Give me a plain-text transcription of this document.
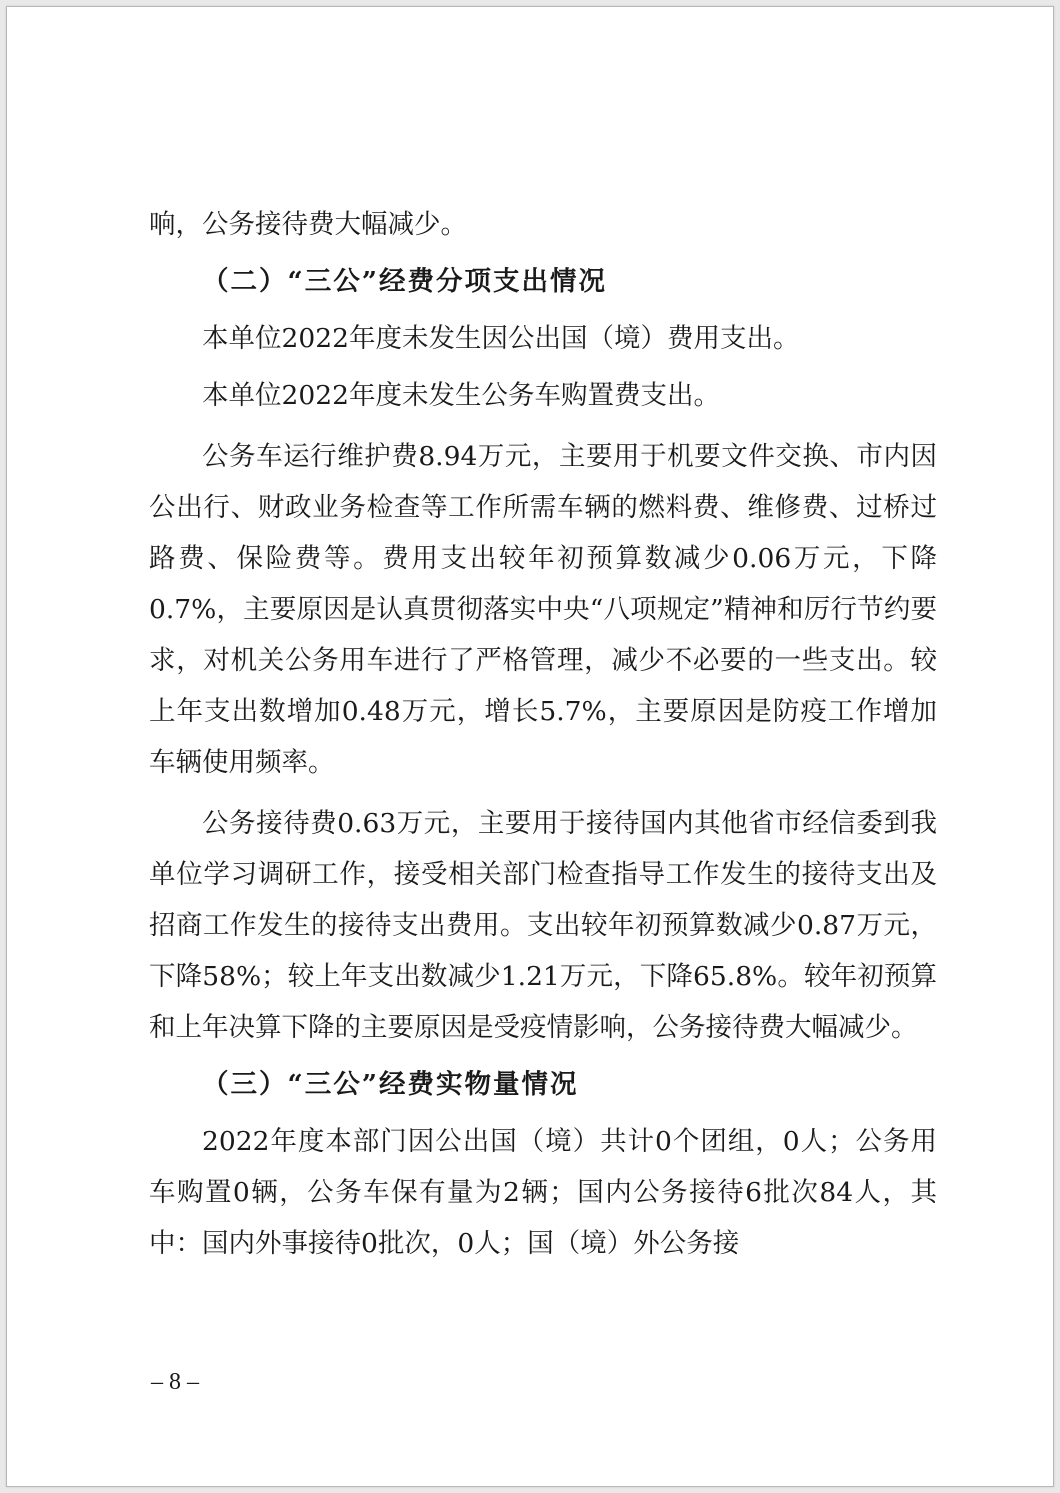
响，公务接待费大幅减少。

（二）“三公”经费分项支出情况

本单位2022年度未发生因公出国（境）费用支出。

本单位2022年度未发生公务车购置费支出。

公务车运行维护费8.94万元，主要用于机要文件交换、市内因公出行、财政业务检查等工作所需车辆的燃料费、维修费、过桥过路费、保险费等。费用支出较年初预算数减少0.06万元，下降0.7%，主要原因是认真贯彻落实中央“八项规定”精神和厉行节约要求，对机关公务用车进行了严格管理，减少不必要的一些支出。较上年支出数增加0.48万元，增长5.7%，主要原因是防疫工作增加车辆使用频率。

公务接待费0.63万元，主要用于接待国内其他省市经信委到我单位学习调研工作，接受相关部门检查指导工作发生的接待支出及招商工作发生的接待支出费用。支出较年初预算数减少0.87万元，下降58%；较上年支出数减少1.21万元，下降65.8%。较年初预算和上年决算下降的主要原因是受疫情影响，公务接待费大幅减少。

（三）“三公”经费实物量情况

2022年度本部门因公出国（境）共计0个团组，0人；公务用车购置0辆，公务车保有量为2辆；国内公务接待6批次84人，其中：国内外事接待0批次，0人；国（境）外公务接

– 8 –
